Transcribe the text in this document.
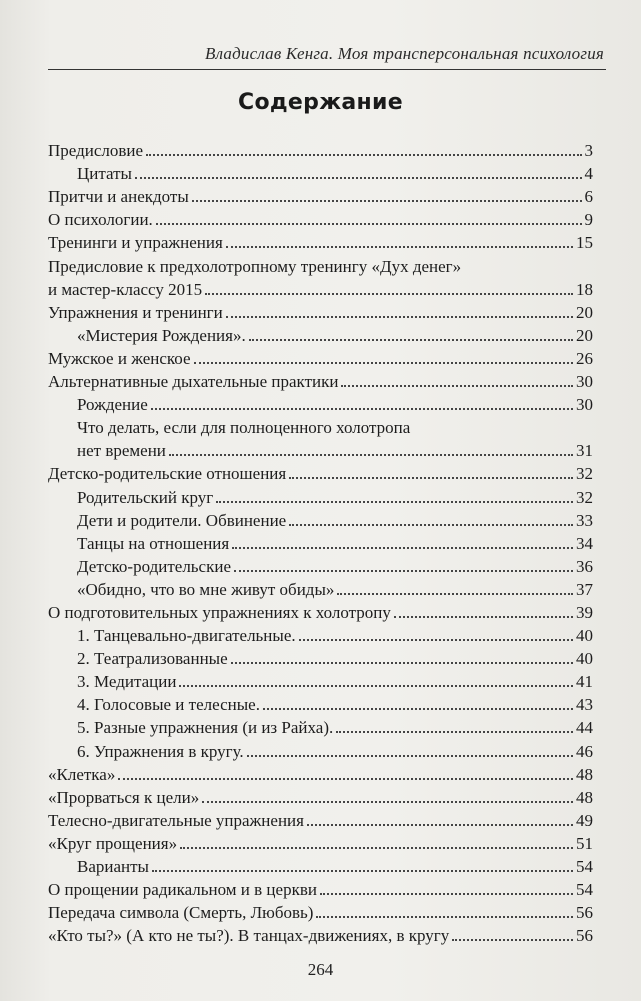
Владислав Кенга. Моя трансперсональная психология
Содержание
Предисловие	3
Цитаты	4
Притчи и анекдоты	6
О психологии.	9
Тренинги и упражнения	15
Предисловие к предхолотропному тренингу «Дух денег»
и мастер-классу 2015	18
Упражнения и тренинги	20
«Мистерия Рождения».	20
Мужское и женское	26
Альтернативные дыхательные практики	30
Рождение	30
Что делать, если для полноценного холотропа
нет времени	31
Детско-родительские отношения	32
Родительский круг	32
Дети и родители. Обвинение	33
Танцы на отношения	34
Детско-родительские	36
«Обидно, что во мне живут обиды»	37
О подготовительных упражнениях к холотропу	39
1. Танцевально-двигательные.	40
2. Театрализованные	40
3. Медитации	41
4. Голосовые и телесные.	43
5. Разные упражнения (и из Райха).	44
6. Упражнения в кругу.	46
«Клетка»	48
«Прорваться к цели»	48
Телесно-двигательные упражнения	49
«Круг прощения»	51
Варианты	54
О прощении радикальном и в церкви	54
Передача символа (Смерть, Любовь)	56
«Кто ты?» (А кто не ты?). В танцах-движениях, в кругу	56
264
